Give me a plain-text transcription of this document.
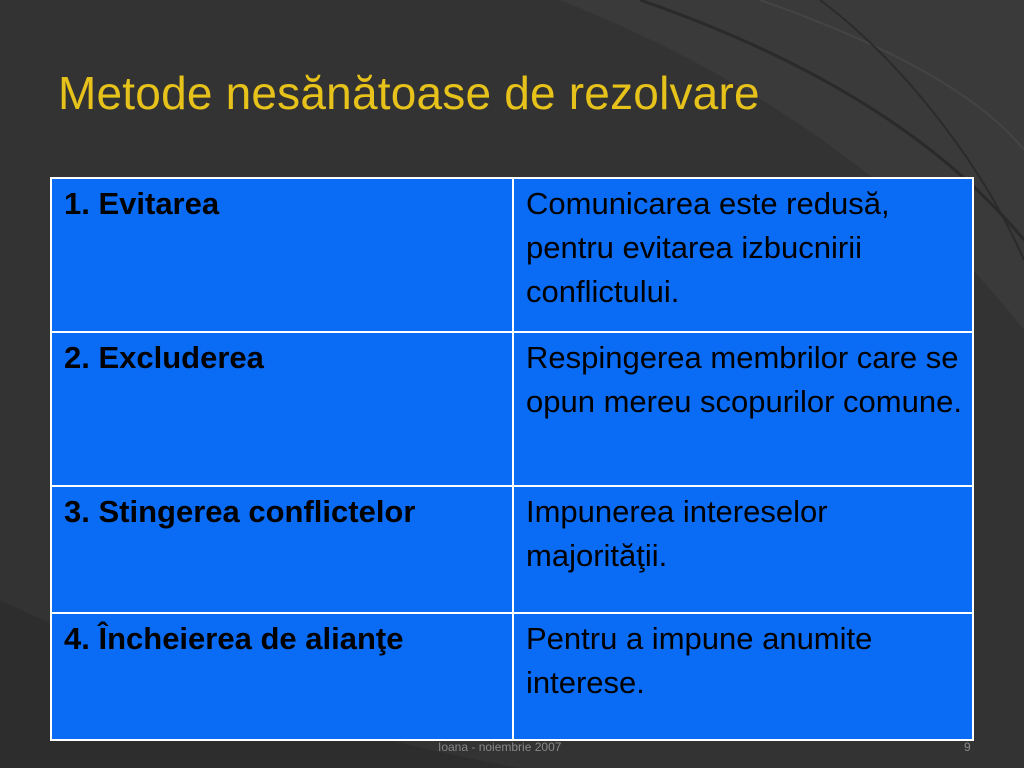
Metode nesănătoase de rezolvare
1. Evitarea	Comunicarea este redusă, pentru evitarea izbucnirii conflictului.

2. Excluderea	Respingerea membrilor care se opun mereu scopurilor comune.

3. Stingerea conflictelor	Impunerea intereselor majorităţii.

4. Încheierea de alianţe	Pentru a impune anumite interese.
Ioana - noiembrie 2007	9
